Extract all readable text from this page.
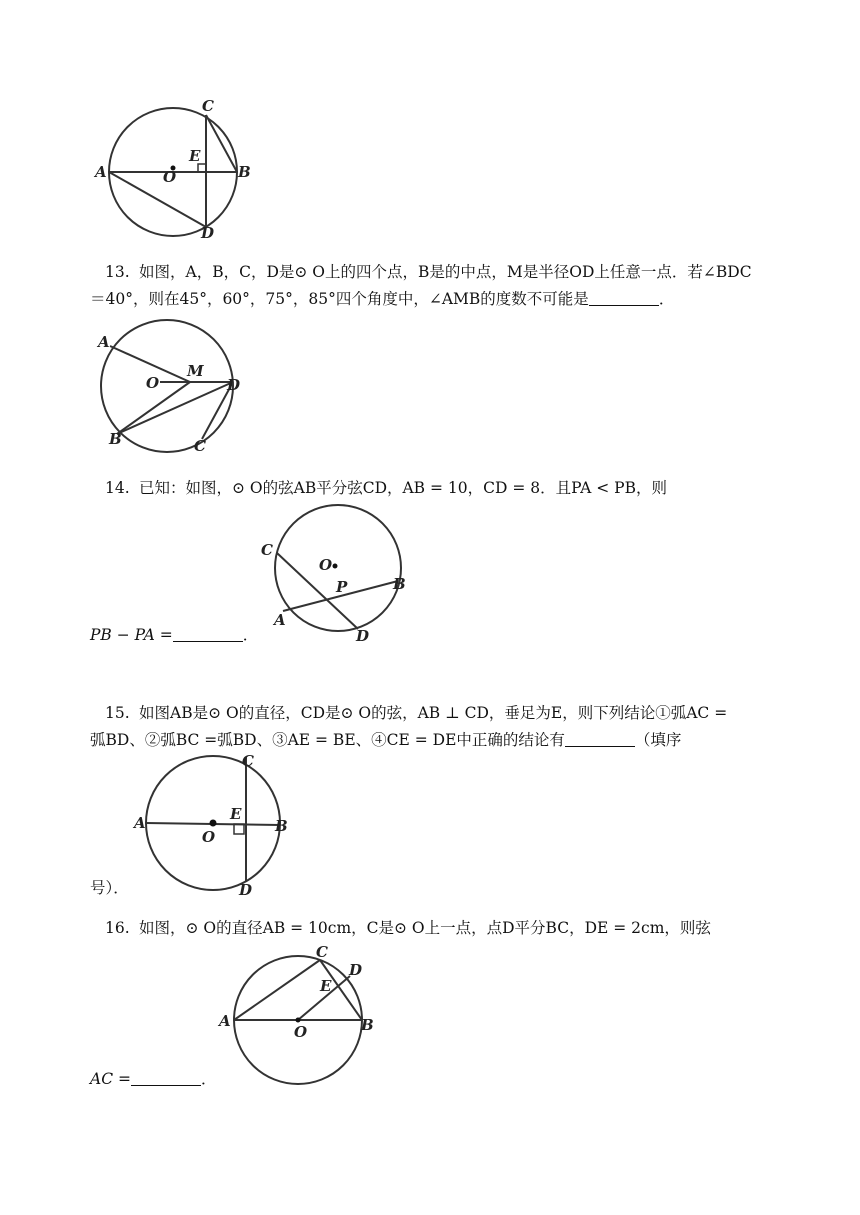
C
E
A	O	B
D
13. 如图，A，B，C，D是⊙ O上的四个点，B是的中点，M是半径OD上任意一点．若∠BDC
＝40°，则在45°，60°，75°，85°四个角度中，∠AMB的度数不可能是	．
A
M
O	D
B	C
14. 已知：如图，⊙ O的弦AB平分弦CD，AB = 10，CD = 8．且PA < PB，则
C
O
P	B
A
D
PB − PA =	．
15. 如图AB是⊙ O的直径，CD是⊙ O的弦，AB ⊥ CD，垂足为E，则下列结论①弧AC =
弧BD、②弧BC =弧BD、③AE = BE、④CE = DE中正确的结论有	（填序
C
E
A
O
B
D
号）．
16. 如图，⊙ O的直径AB = 10cm，C是⊙ O上一点，点D平分BC，DE = 2cm，则弦
C
E
D
A
O	B
AC =	．
